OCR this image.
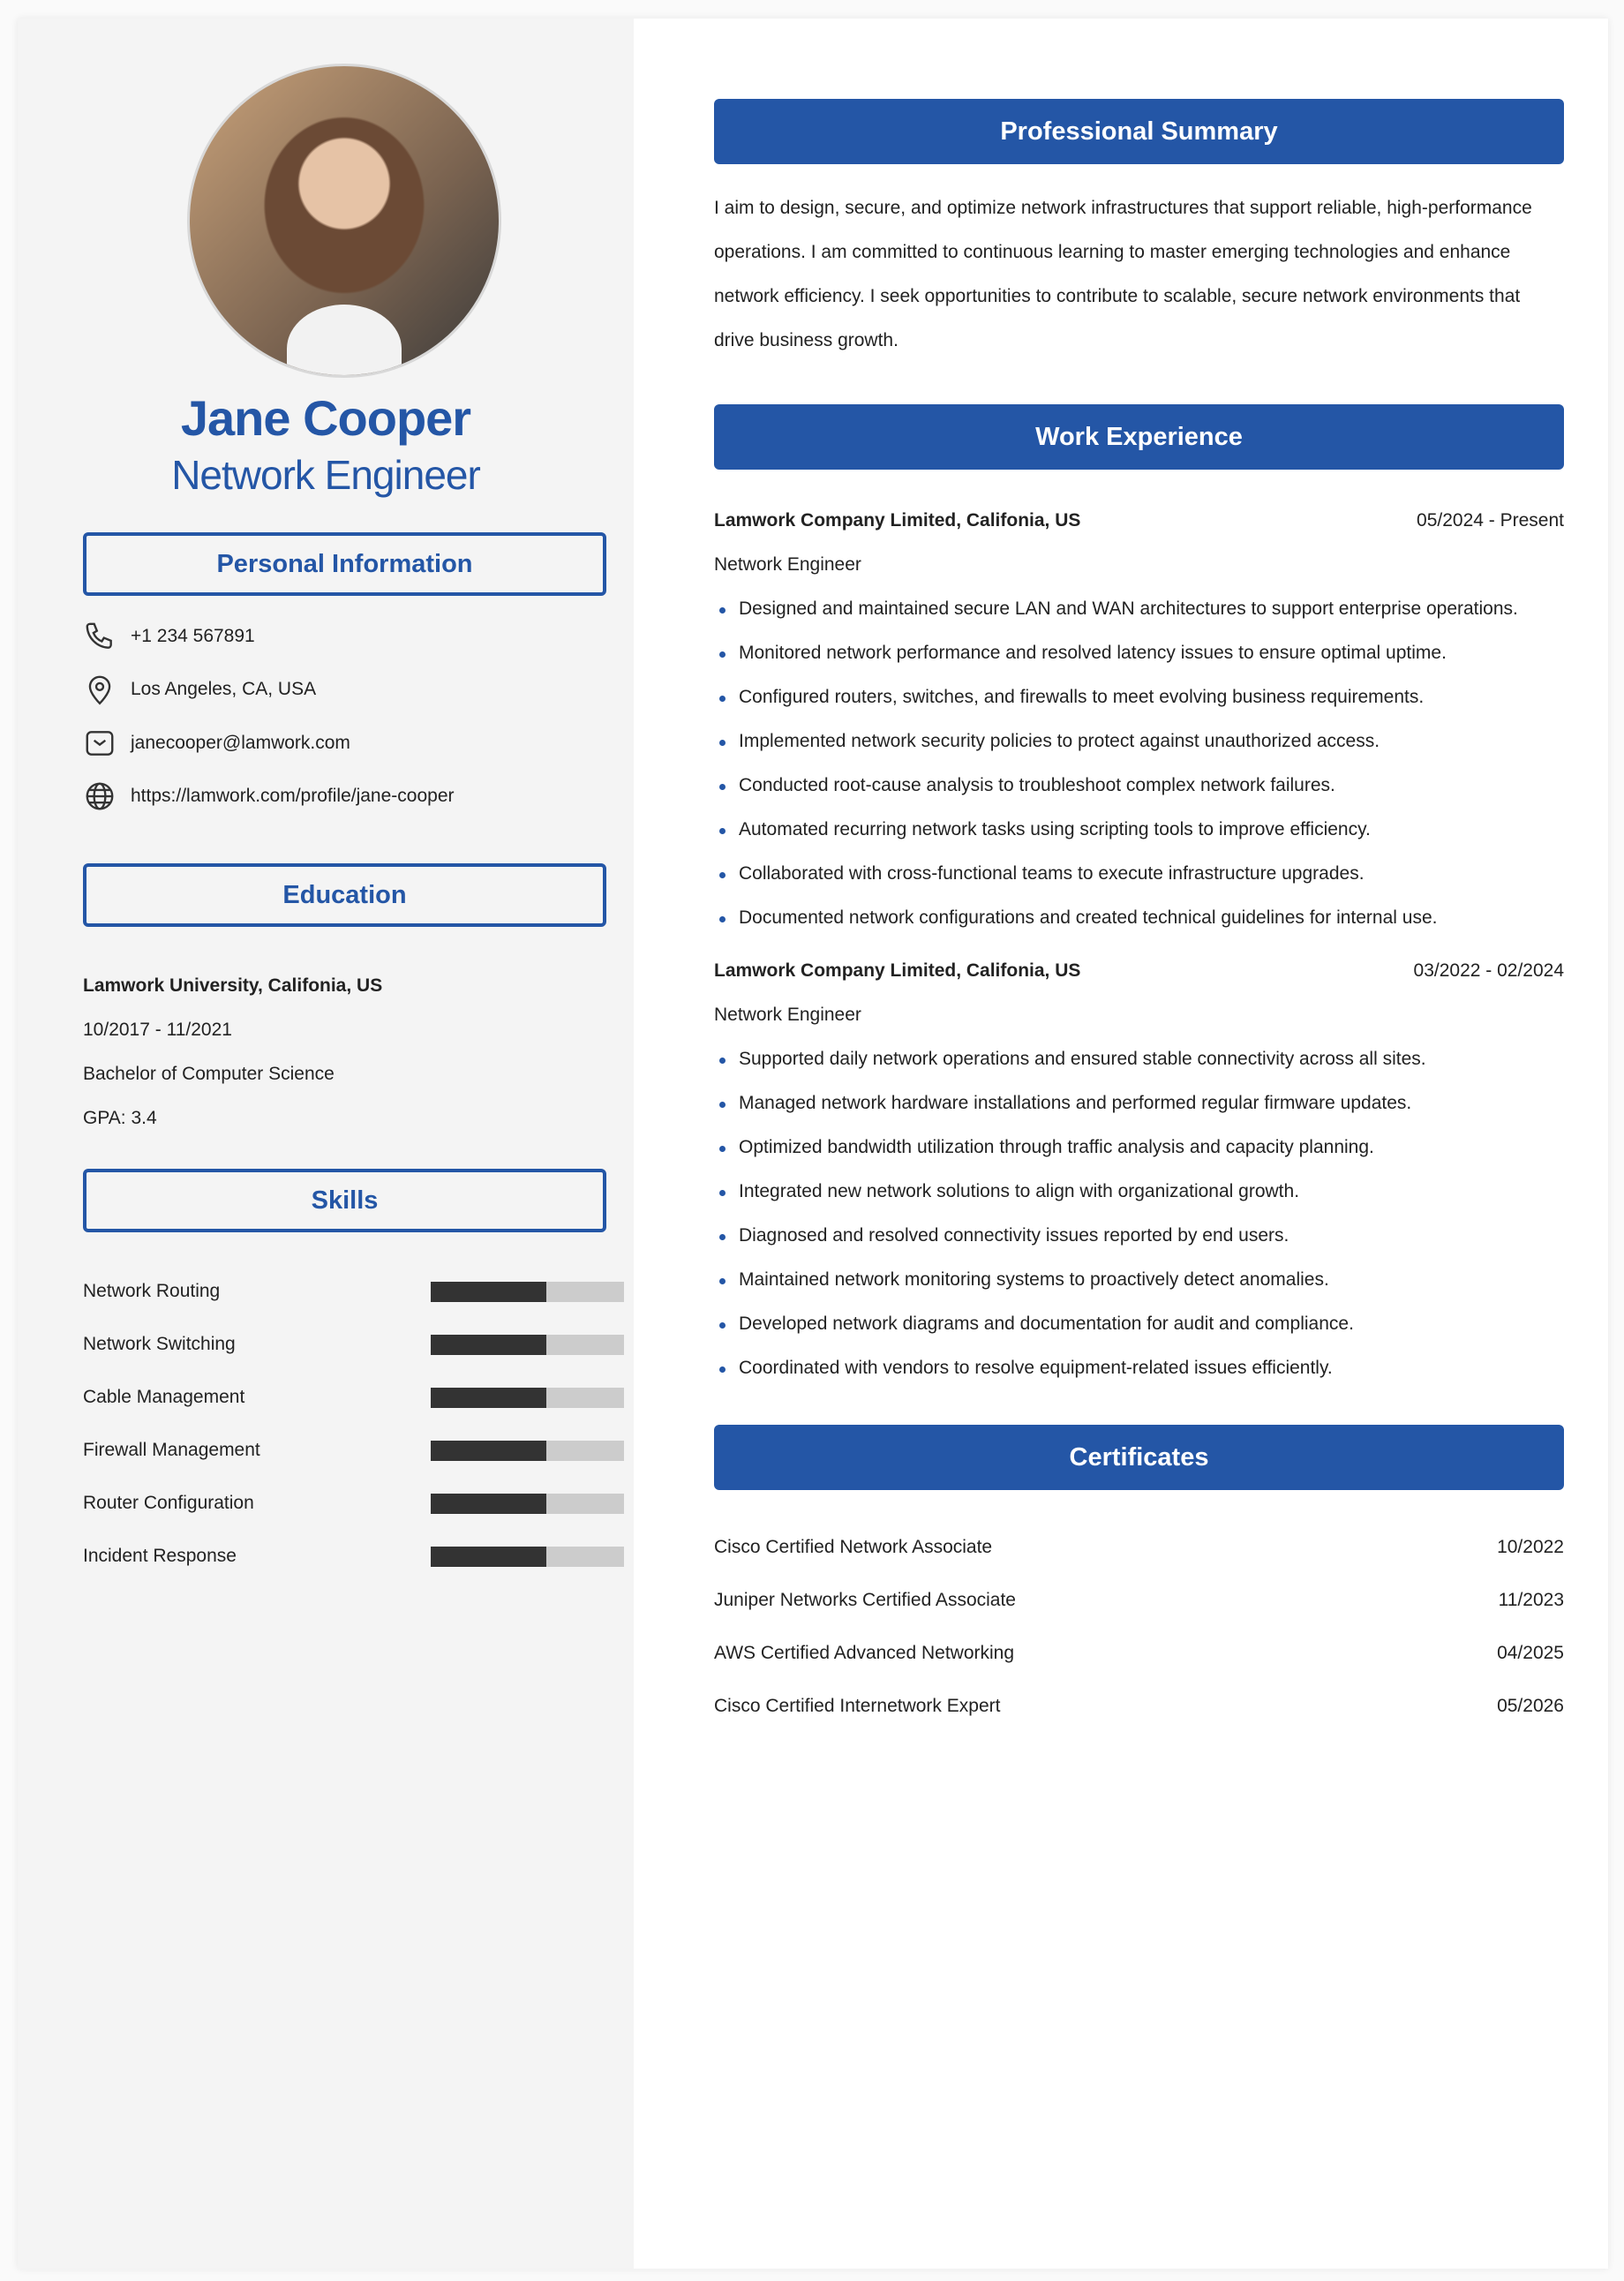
Jane Cooper
Network Engineer
Personal Information
+1 234 567891
Los Angeles, CA, USA
janecooper@lamwork.com
https://lamwork.com/profile/jane-cooper
Education
Lamwork University, Califonia, US
10/2017 - 11/2021
Bachelor of Computer Science
GPA: 3.4
Skills
Network Routing
Network Switching
Cable Management
Firewall Management
Router Configuration
Incident Response
Professional Summary
I aim to design, secure, and optimize network infrastructures that support reliable, high-performance operations. I am committed to continuous learning to master emerging technologies and enhance network efficiency. I seek opportunities to contribute to scalable, secure network environments that drive business growth.
Work Experience
Lamwork Company Limited, Califonia, US	05/2024 - Present
Network Engineer
Designed and maintained secure LAN and WAN architectures to support enterprise operations.
Monitored network performance and resolved latency issues to ensure optimal uptime.
Configured routers, switches, and firewalls to meet evolving business requirements.
Implemented network security policies to protect against unauthorized access.
Conducted root-cause analysis to troubleshoot complex network failures.
Automated recurring network tasks using scripting tools to improve efficiency.
Collaborated with cross-functional teams to execute infrastructure upgrades.
Documented network configurations and created technical guidelines for internal use.
Lamwork Company Limited, Califonia, US	03/2022 - 02/2024
Network Engineer
Supported daily network operations and ensured stable connectivity across all sites.
Managed network hardware installations and performed regular firmware updates.
Optimized bandwidth utilization through traffic analysis and capacity planning.
Integrated new network solutions to align with organizational growth.
Diagnosed and resolved connectivity issues reported by end users.
Maintained network monitoring systems to proactively detect anomalies.
Developed network diagrams and documentation for audit and compliance.
Coordinated with vendors to resolve equipment-related issues efficiently.
Certificates
Cisco Certified Network Associate	10/2022
Juniper Networks Certified Associate	11/2023
AWS Certified Advanced Networking	04/2025
Cisco Certified Internetwork Expert	05/2026
